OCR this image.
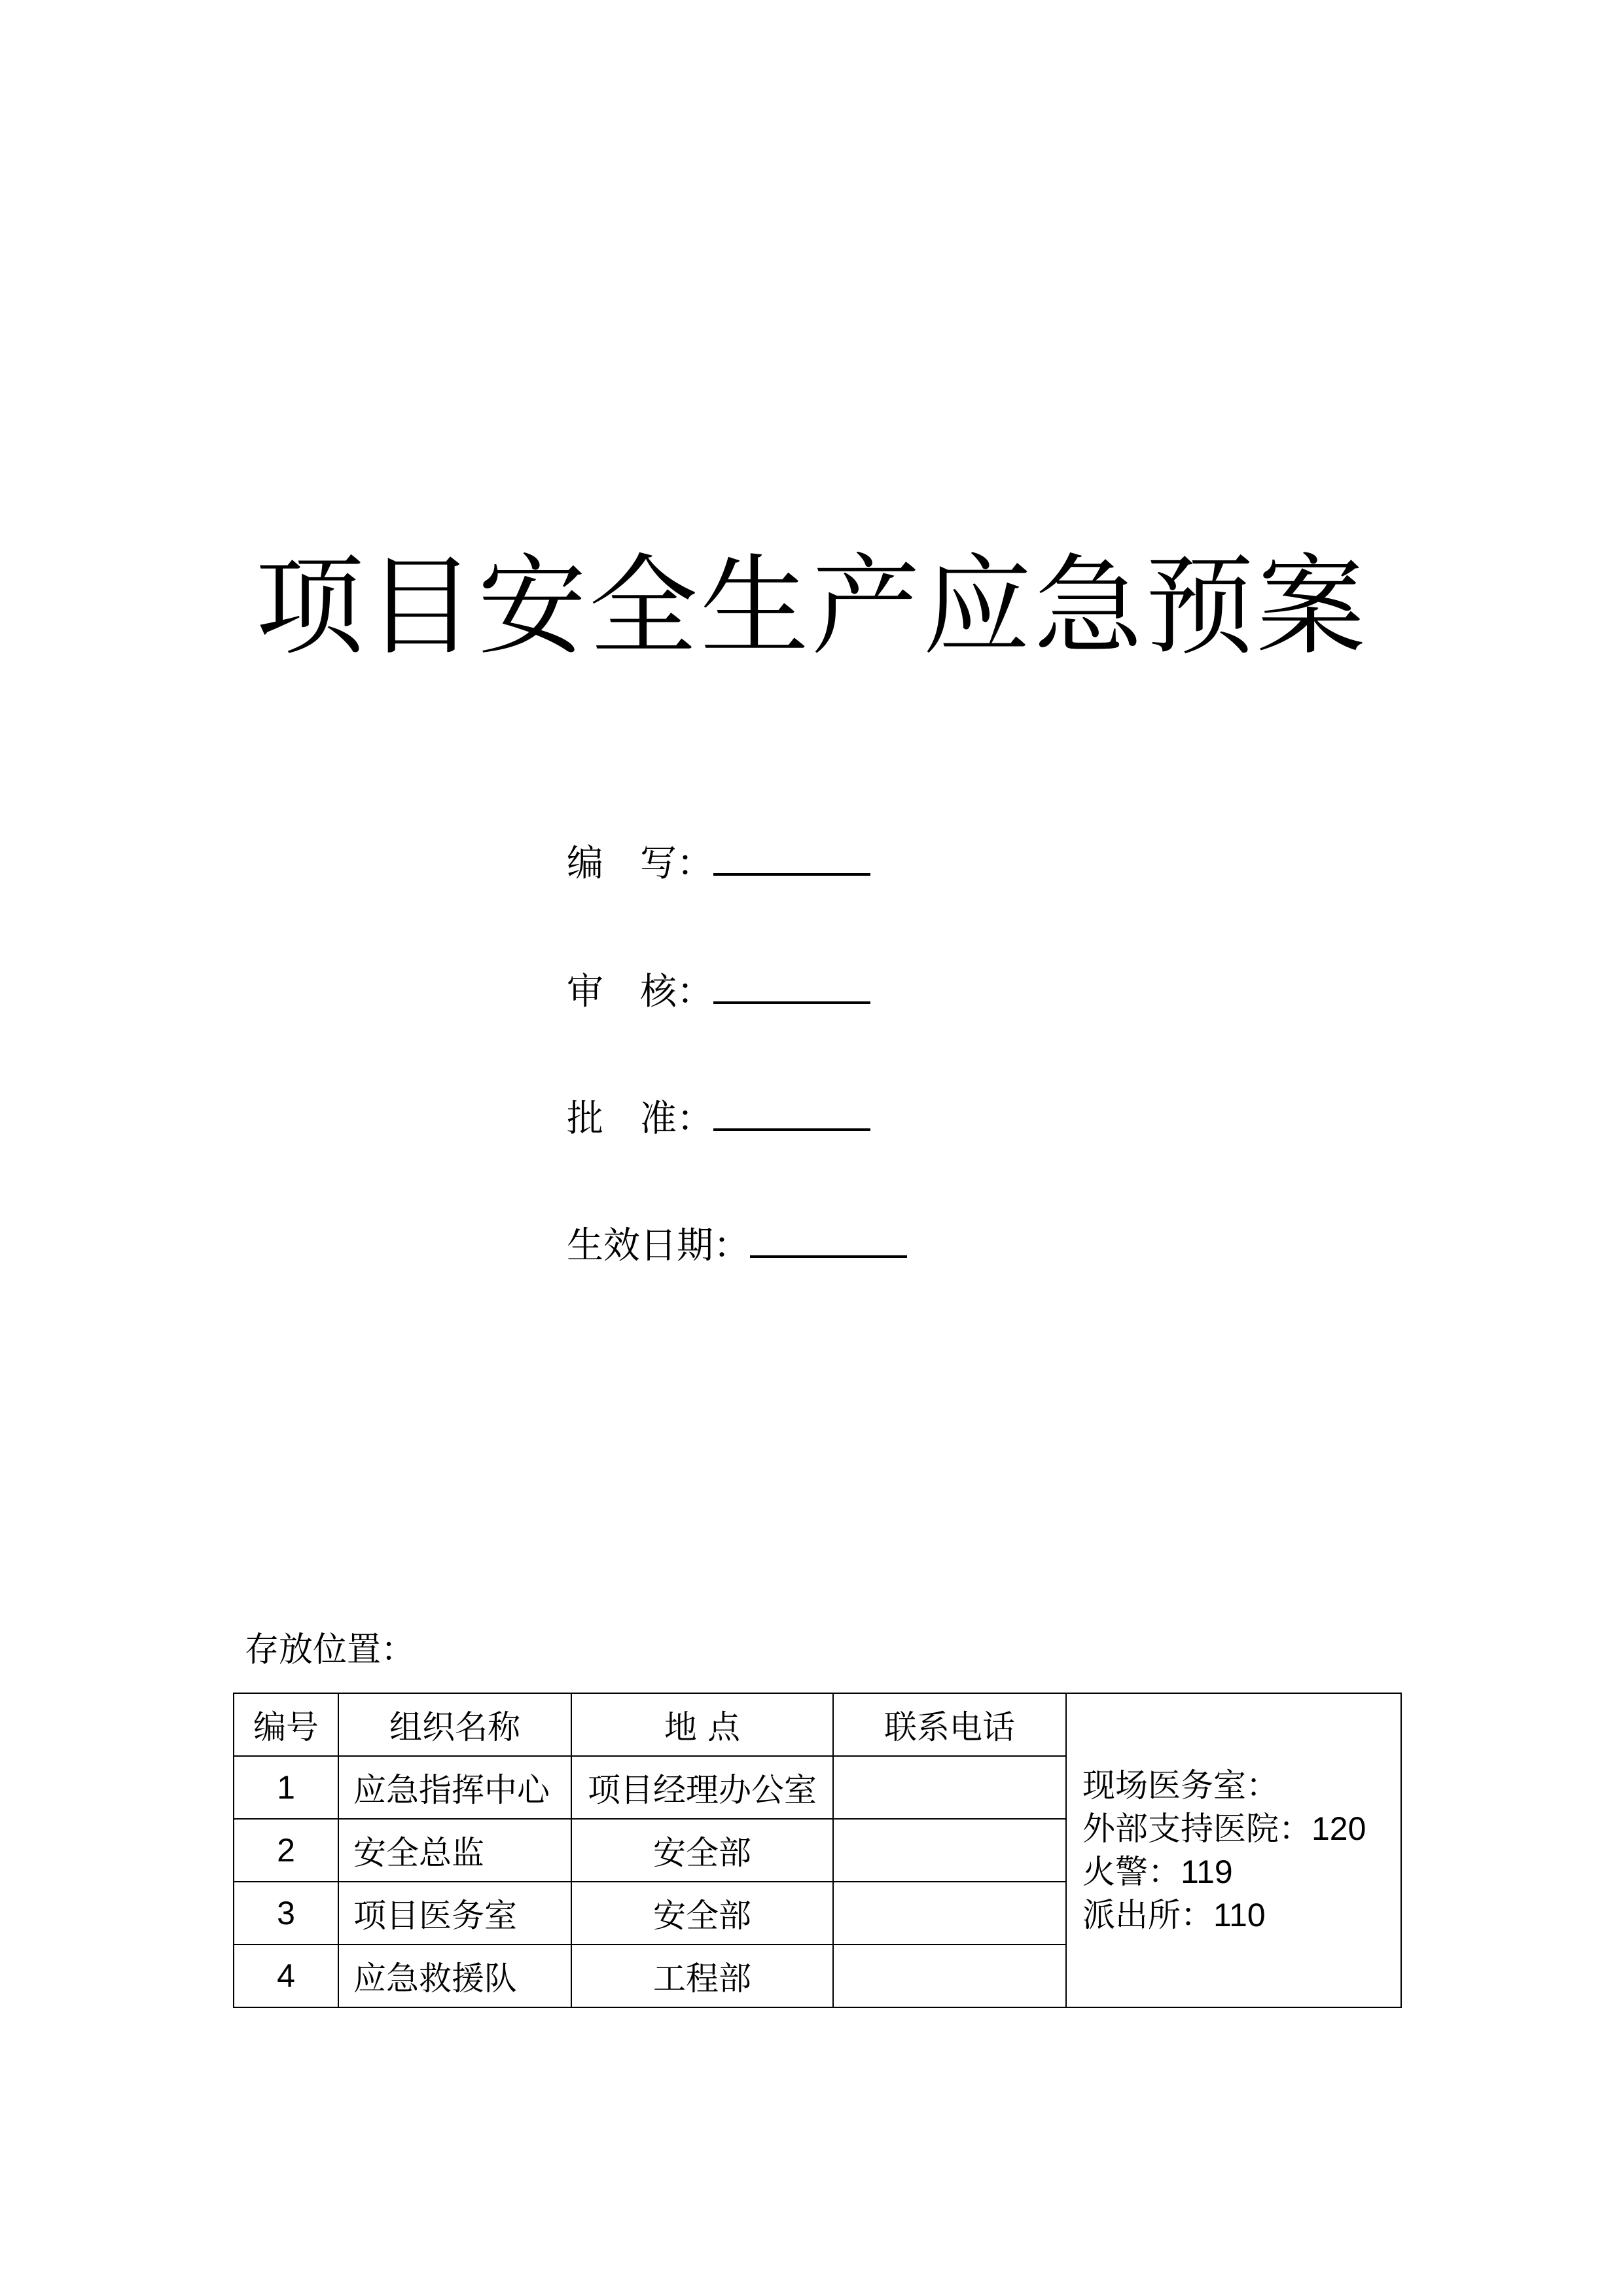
项目安全生产应急预案
编　写：
审　核：
批　准：
生效日期：
存放位置：
编号	组织名称	地 点	联系电话	现场医务室：
外部支持医院：120
火警：119
派出所：110

1	应急指挥中心	项目经理办公室		
2	安全总监	安全部		
3	项目医务室	安全部		
4	应急救援队	工程部		
